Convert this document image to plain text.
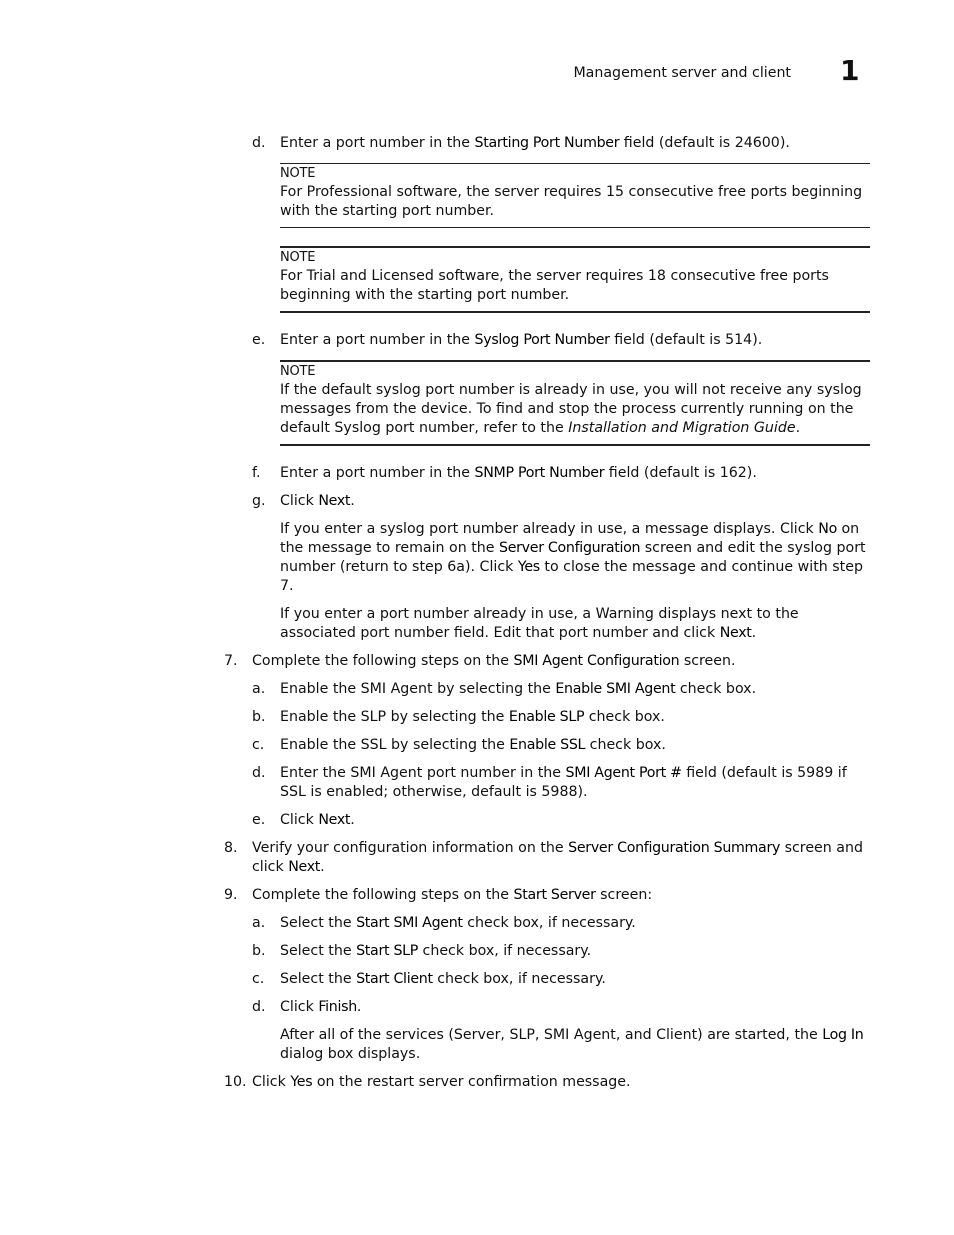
Management server and client 1
d. Enter a port number in the Starting Port Number field (default is 24600).
NOTE
For Professional software, the server requires 15 consecutive free ports beginning with the starting port number.
NOTE
For Trial and Licensed software, the server requires 18 consecutive free ports beginning with the starting port number.
e. Enter a port number in the Syslog Port Number field (default is 514).
NOTE
If the default syslog port number is already in use, you will not receive any syslog messages from the device. To find and stop the process currently running on the default Syslog port number, refer to the Installation and Migration Guide.
f. Enter a port number in the SNMP Port Number field (default is 162).
g. Click Next.
If you enter a syslog port number already in use, a message displays. Click No on the message to remain on the Server Configuration screen and edit the syslog port number (return to step 6a). Click Yes to close the message and continue with step 7.
If you enter a port number already in use, a Warning displays next to the associated port number field. Edit that port number and click Next.
7. Complete the following steps on the SMI Agent Configuration screen.
a. Enable the SMI Agent by selecting the Enable SMI Agent check box.
b. Enable the SLP by selecting the Enable SLP check box.
c. Enable the SSL by selecting the Enable SSL check box.
d. Enter the SMI Agent port number in the SMI Agent Port # field (default is 5989 if SSL is enabled; otherwise, default is 5988).
e. Click Next.
8. Verify your configuration information on the Server Configuration Summary screen and click Next.
9. Complete the following steps on the Start Server screen:
a. Select the Start SMI Agent check box, if necessary.
b. Select the Start SLP check box, if necessary.
c. Select the Start Client check box, if necessary.
d. Click Finish.
After all of the services (Server, SLP, SMI Agent, and Client) are started, the Log In dialog box displays.
10. Click Yes on the restart server confirmation message.
